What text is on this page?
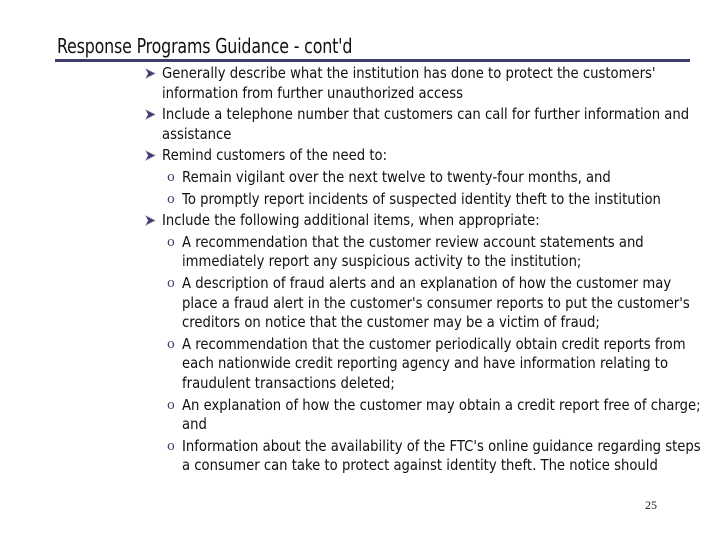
Response Programs Guidance - cont'd
Generally describe what the institution has done to protect the customers' information from further unauthorized access
Include a telephone number that customers can call for further information and assistance
Remind customers of the need to:
o Remain vigilant over the next twelve to twenty-four months, and
o To promptly report incidents of suspected identity theft to the institution
Include the following additional items, when appropriate:
o A recommendation that the customer review account statements and immediately report any suspicious activity to the institution;
o A description of fraud alerts and an explanation of how the customer may place a fraud alert in the customer's consumer reports to put the customer's creditors on notice that the customer may be a victim of fraud;
o A recommendation that the customer periodically obtain credit reports from each nationwide credit reporting agency and have information relating to fraudulent transactions deleted;
o An explanation of how the customer may obtain a credit report free of charge; and
o Information about the availability of the FTC's online guidance regarding steps a consumer can take to protect against identity theft. The notice should
25
